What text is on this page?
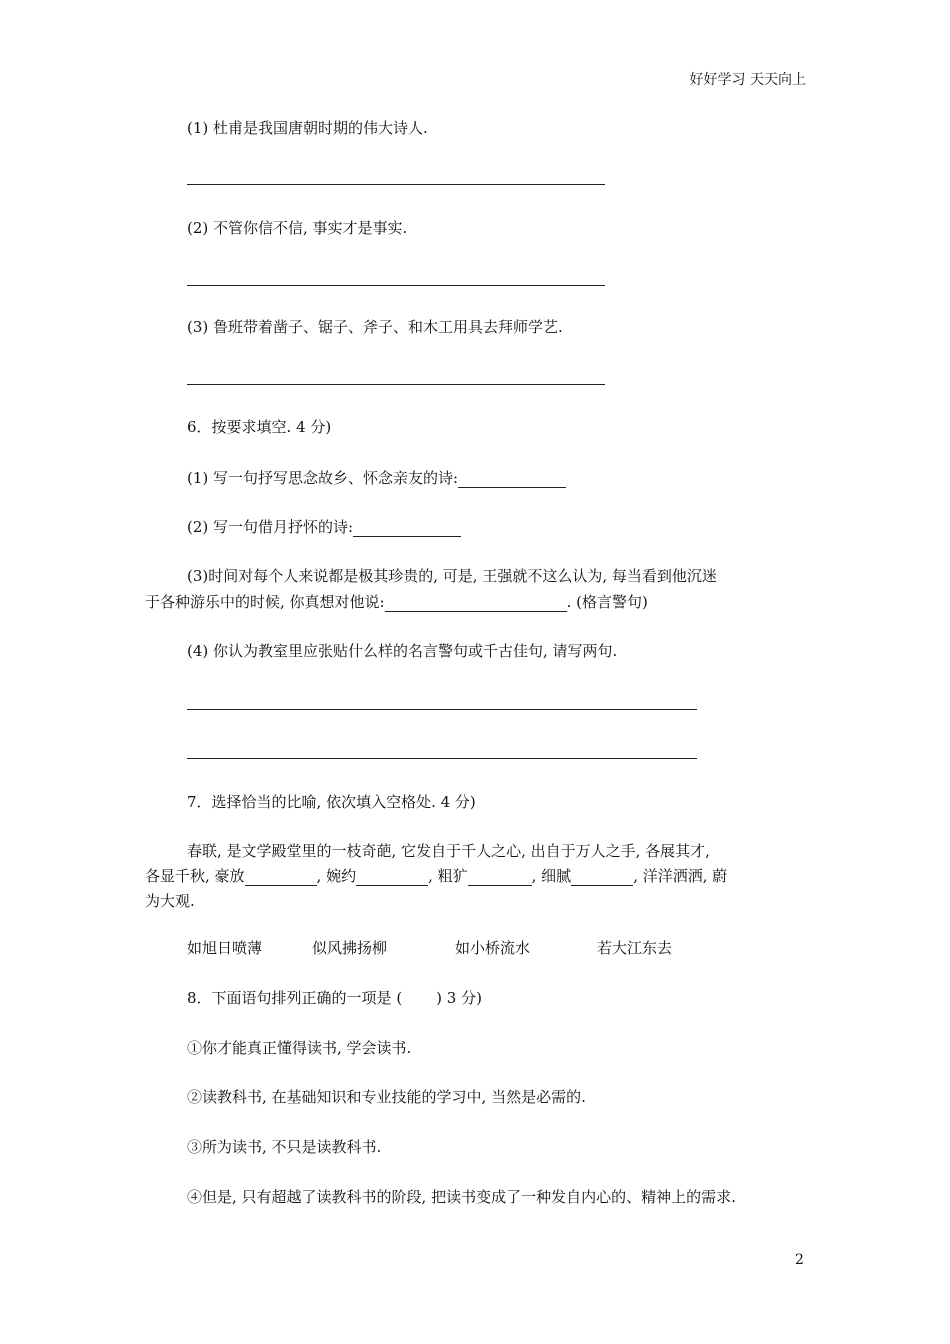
好好学习 天天向上
(1) 杜甫是我国唐朝时期的伟大诗人.
(2) 不管你信不信, 事实才是事实.
(3) 鲁班带着凿子、锯子、斧子、和木工用具去拜师学艺.
6．按要求填空. 4 分)
(1) 写一句抒写思念故乡、怀念亲友的诗:
(2) 写一句借月抒怀的诗:
(3)时间对每个人来说都是极其珍贵的, 可是, 王强就不这么认为, 每当看到他沉迷
于各种游乐中的时候, 你真想对他说:	. (格言警句)
(4) 你认为教室里应张贴什么样的名言警句或千古佳句, 请写两句.
7．选择恰当的比喻, 依次填入空格处. 4 分)
春联, 是文学殿堂里的一枝奇葩, 它发自于千人之心, 出自于万人之手, 各展其才,
各显千秋, 豪放	, 婉约	, 粗犷	, 细腻	, 洋洋洒洒, 蔚
为大观.
如旭日喷薄	似风拂扬柳	如小桥流水	若大江东去
8．下面语句排列正确的一项是 ( ) 3 分)
①你才能真正懂得读书, 学会读书.
②读教科书, 在基础知识和专业技能的学习中, 当然是必需的.
③所为读书, 不只是读教科书.
④但是, 只有超越了读教科书的阶段, 把读书变成了一种发自内心的、精神上的需求.
2
